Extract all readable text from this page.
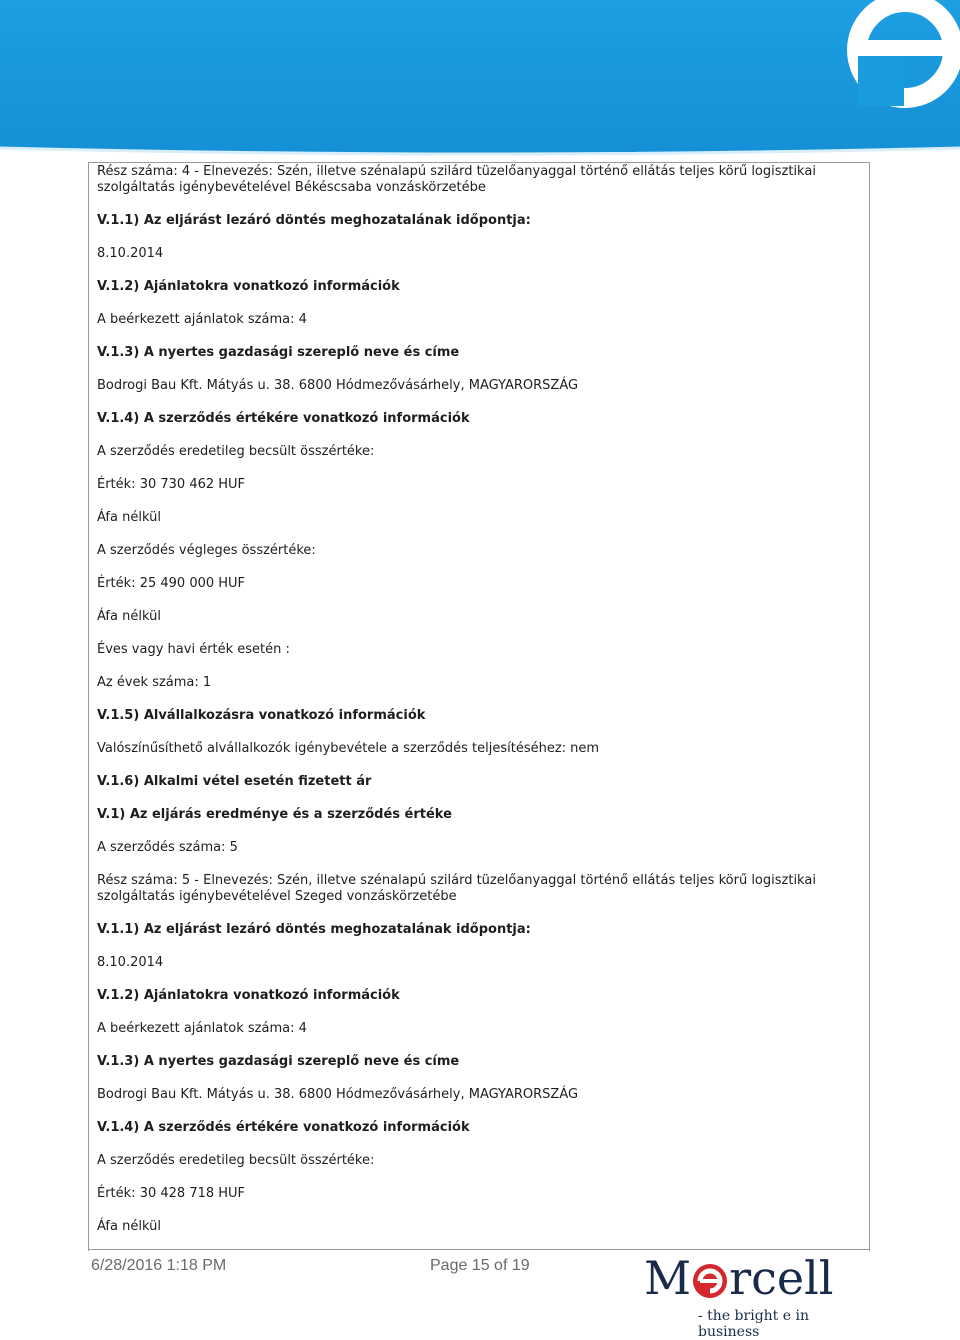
Rész száma: 4 - Elnevezés: Szén, illetve szénalapú szilárd tüzelőanyaggal történő ellátás teljes körű logisztikai szolgáltatás igénybevételével Békéscsaba vonzáskörzetébe

V.1.1) Az eljárást lezáró döntés meghozatalának időpontja:

8.10.2014

V.1.2) Ajánlatokra vonatkozó információk

A beérkezett ajánlatok száma: 4

V.1.3) A nyertes gazdasági szereplő neve és címe

Bodrogi Bau Kft. Mátyás u. 38. 6800 Hódmezővásárhely, MAGYARORSZÁG

V.1.4) A szerződés értékére vonatkozó információk

A szerződés eredetileg becsült összértéke:

Érték: 30 730 462 HUF

Áfa nélkül

A szerződés végleges összértéke:

Érték: 25 490 000 HUF

Áfa nélkül

Éves vagy havi érték esetén :

Az évek száma: 1

V.1.5) Alvállalkozásra vonatkozó információk

Valószínűsíthető alvállalkozók igénybevétele a szerződés teljesítéséhez: nem

V.1.6) Alkalmi vétel esetén fizetett ár

V.1) Az eljárás eredménye és a szerződés értéke

A szerződés száma: 5

Rész száma: 5 - Elnevezés: Szén, illetve szénalapú szilárd tüzelőanyaggal történő ellátás teljes körű logisztikai szolgáltatás igénybevételével Szeged vonzáskörzetébe

V.1.1) Az eljárást lezáró döntés meghozatalának időpontja:

8.10.2014

V.1.2) Ajánlatokra vonatkozó információk

A beérkezett ajánlatok száma: 4

V.1.3) A nyertes gazdasági szereplő neve és címe

Bodrogi Bau Kft. Mátyás u. 38. 6800 Hódmezővásárhely, MAGYARORSZÁG

V.1.4) A szerződés értékére vonatkozó információk

A szerződés eredetileg becsült összértéke:

Érték: 30 428 718 HUF

Áfa nélkül

6/28/2016 1:18 PM	Page 15 of 19 M rcell
- the bright e in business
